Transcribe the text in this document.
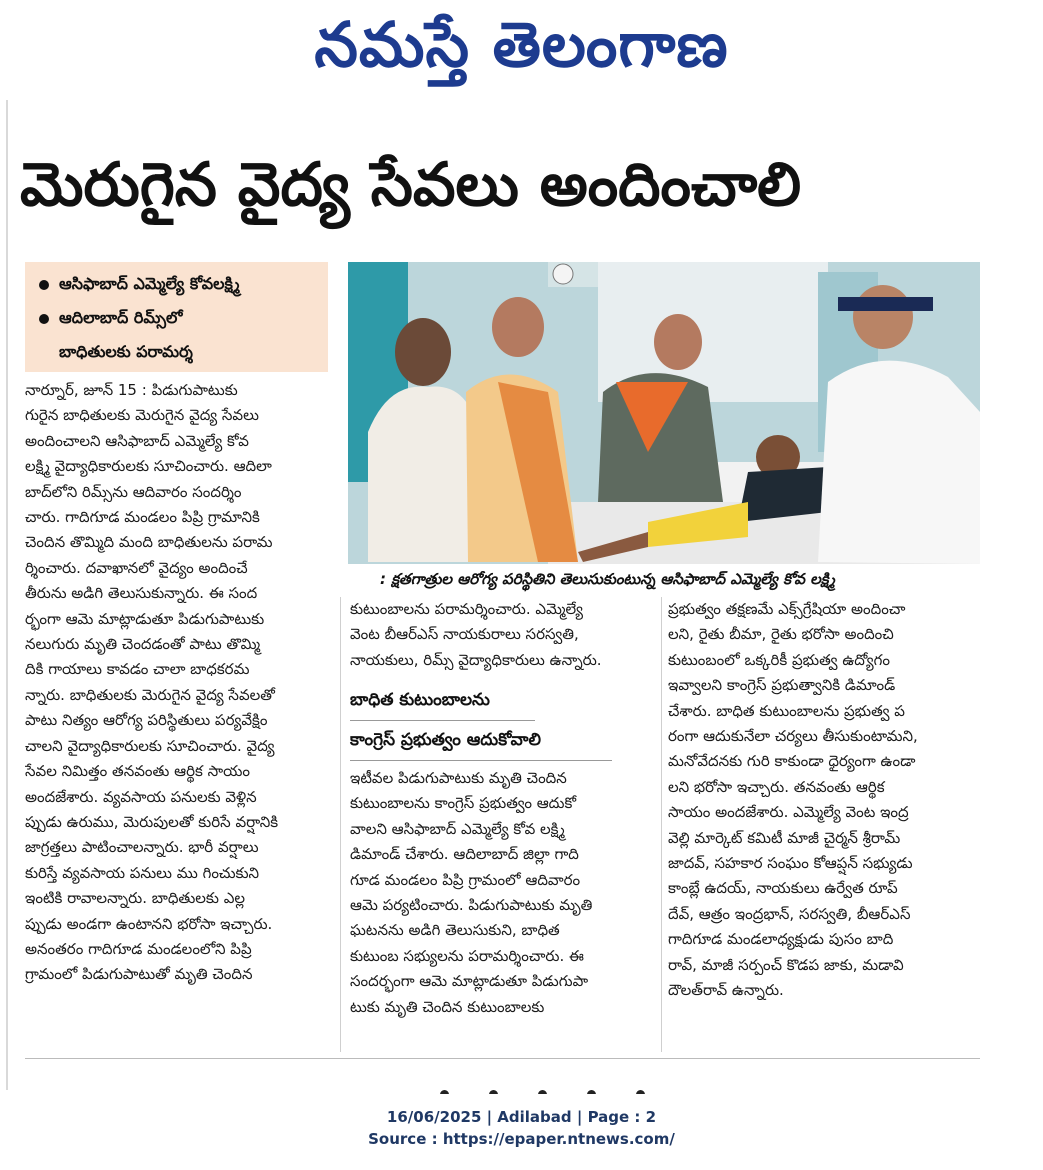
నమస్తే తెలంగాణ
మెరుగైన వైద్య సేవలు అందించాలి
ఆసిఫాబాద్ ఎమ్మెల్యే కోవలక్ష్మి
ఆదిలాబాద్ రిమ్స్‌లో
బాధితులకు పరామర్శ
: క్షతగాత్రుల ఆరోగ్య పరిస్థితిని తెలుసుకుంటున్న ఆసిఫాబాద్ ఎమ్మెల్యే కోవ లక్ష్మి

నార్నూర్, జూన్ 15 : పిడుగుపాటుకు

గురైన బాధితులకు మెరుగైన వైద్య సేవలు

అందించాలని ఆసిఫాబాద్ ఎమ్మెల్యే కోవ

లక్ష్మి వైద్యాధికారులకు సూచించారు. ఆదిలా

బాద్‌లోని రిమ్స్‌ను ఆదివారం సందర్శిం

చారు. గాదిగూడ మండలం పిప్రి గ్రామానికి

చెందిన తొమ్మిది మంది బాధితులను పరామ

ర్శించారు. దవాఖానలో వైద్యం అందించే

తీరును అడిగి తెలుసుకున్నారు. ఈ సంద

ర్భంగా ఆమె మాట్లాడుతూ పిడుగుపాటుకు

నలుగురు మృతి చెందడంతో పాటు తొమ్మి

దికి గాయాలు కావడం చాలా బాధకరమ

న్నారు. బాధితులకు మెరుగైన వైద్య సేవలతో

పాటు నిత్యం ఆరోగ్య పరిస్థితులు పర్యవేక్షిం

చాలని వైద్యాధికారులకు సూచించారు. వైద్య

సేవల నిమిత్తం తనవంతు ఆర్థిక సాయం

అందజేశారు. వ్యవసాయ పనులకు వెళ్లిన

ప్పుడు ఉరుము, మెరుపులతో కురిసే వర్షానికి

జాగ్రత్తలు పాటించాలన్నారు. భారీ వర్షాలు

కురిస్తే వ్యవసాయ పనులు ము గించుకుని

ఇంటికి రావాలన్నారు. బాధితులకు ఎల్ల

ప్పుడు అండగా ఉంటానని భరోసా ఇచ్చారు.

అనంతరం గాదిగూడ మండలంలోని పిప్రి

గ్రామంలో పిడుగుపాటుతో మృతి చెందిన

కుటుంబాలను పరామర్శించారు. ఎమ్మెల్యే

వెంట బీఆర్‌ఎస్ నాయకురాలు సరస్వతి,

నాయకులు, రిమ్స్ వైద్యాధికారులు ఉన్నారు.

బాధిత కుటుంబాలను
కాంగ్రెస్ ప్రభుత్వం ఆదుకోవాలి

ఇటీవల పిడుగుపాటుకు మృతి చెందిన

కుటుంబాలను కాంగ్రెస్ ప్రభుత్వం ఆదుకో

వాలని ఆసిఫాబాద్ ఎమ్మెల్యే కోవ లక్ష్మి

డిమాండ్ చేశారు. ఆదిలాబాద్ జిల్లా గాది

గూడ మండలం పిప్రి గ్రామంలో ఆదివారం

ఆమె పర్యటించారు. పిడుగుపాటుకు మృతి

ఘటనను అడిగి తెలుసుకుని, బాధిత

కుటుంబ సభ్యులను పరామర్శించారు. ఈ

సందర్భంగా ఆమె మాట్లాడుతూ పిడుగుపా

టుకు మృతి చెందిన కుటుంబాలకు

ప్రభుత్వం తక్షణమే ఎక్స్‌గ్రేషియా అందించా

లని, రైతు బీమా, రైతు భరోసా అందించి

కుటుంబంలో ఒక్కరికీ ప్రభుత్వ ఉద్యోగం

ఇవ్వాలని కాంగ్రెస్ ప్రభుత్వానికి డిమాండ్

చేశారు. బాధిత కుటుంబాలను ప్రభుత్వ ప

రంగా ఆదుకునేలా చర్యలు తీసుకుంటామని,

మనోవేదనకు గురి కాకుండా ధైర్యంగా ఉండా

లని భరోసా ఇచ్చారు. తనవంతు ఆర్థిక

సాయం అందజేశారు. ఎమ్మెల్యే వెంట ఇంద్ర

వెల్లి మార్కెట్ కమిటీ మాజీ చైర్మన్ శ్రీరామ్

జాదవ్, సహకార సంఘం కోఆప్షన్ సభ్యుడు

కాంబ్లే ఉదయ్, నాయకులు ఉర్వేత రూప్

దేవ్, ఆత్రం ఇంద్రభాన్, సరస్వతి, బీఆర్ఎస్

గాదిగూడ మండలాధ్యక్షుడు పుసం బాది

రావ్, మాజీ సర్పంచ్ కొడప జాకు, మడావి

దౌలత్‌రావ్ ఉన్నారు.

16/06/2025 | Adilabad | Page : 2
Source : https://epaper.ntnews.com/
